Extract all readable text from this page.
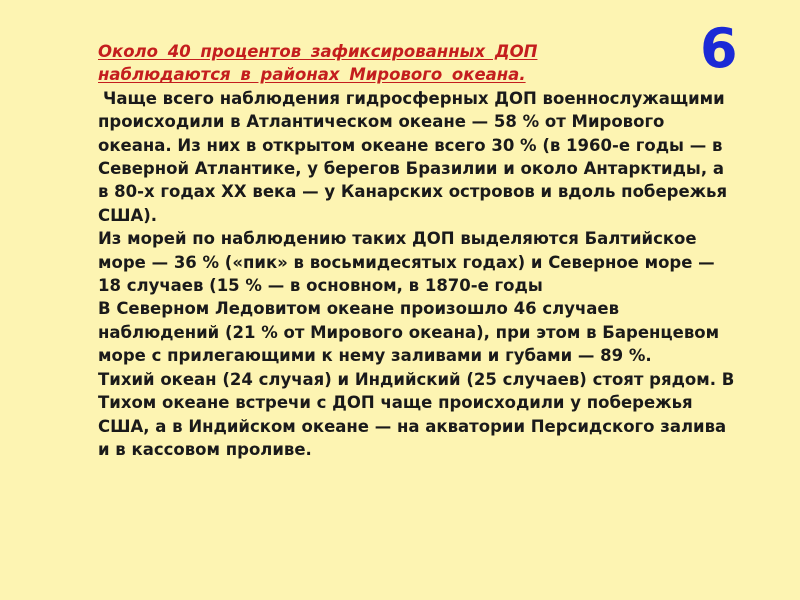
6

Около 40 процентов зафиксированных ДОП
наблюдаются в районах Мирового океана.

Чаще всего наблюдения гидросферных ДОП военнослужащими происходили в Атлантическом океане — 58 % от Мирового океана. Из них в открытом океане всего 30 % (в 1960-е годы — в Северной Атлантике, у берегов Бразилии и около Антарктиды, а в 80-х годах XX века — у Канарских островов и вдоль побережья США).

Из морей по наблюдению таких ДОП выделяются Балтийское море — 36 % («пик» в восьмидесятых годах) и Северное море — 18 случаев (15 % — в основном, в 1870-е годы

В Северном Ледовитом океане произошло 46 случаев наблюдений (21 % от Мирового океана), при этом в Баренцевом море с прилегающими к нему заливами и губами — 89 %.

Тихий океан (24 случая) и Индийский (25 случаев) стоят рядом. В Тихом океане встречи с ДОП чаще происходили у побережья США, а в Индийском океане — на акватории Персидского залива и в кассовом проливе.
